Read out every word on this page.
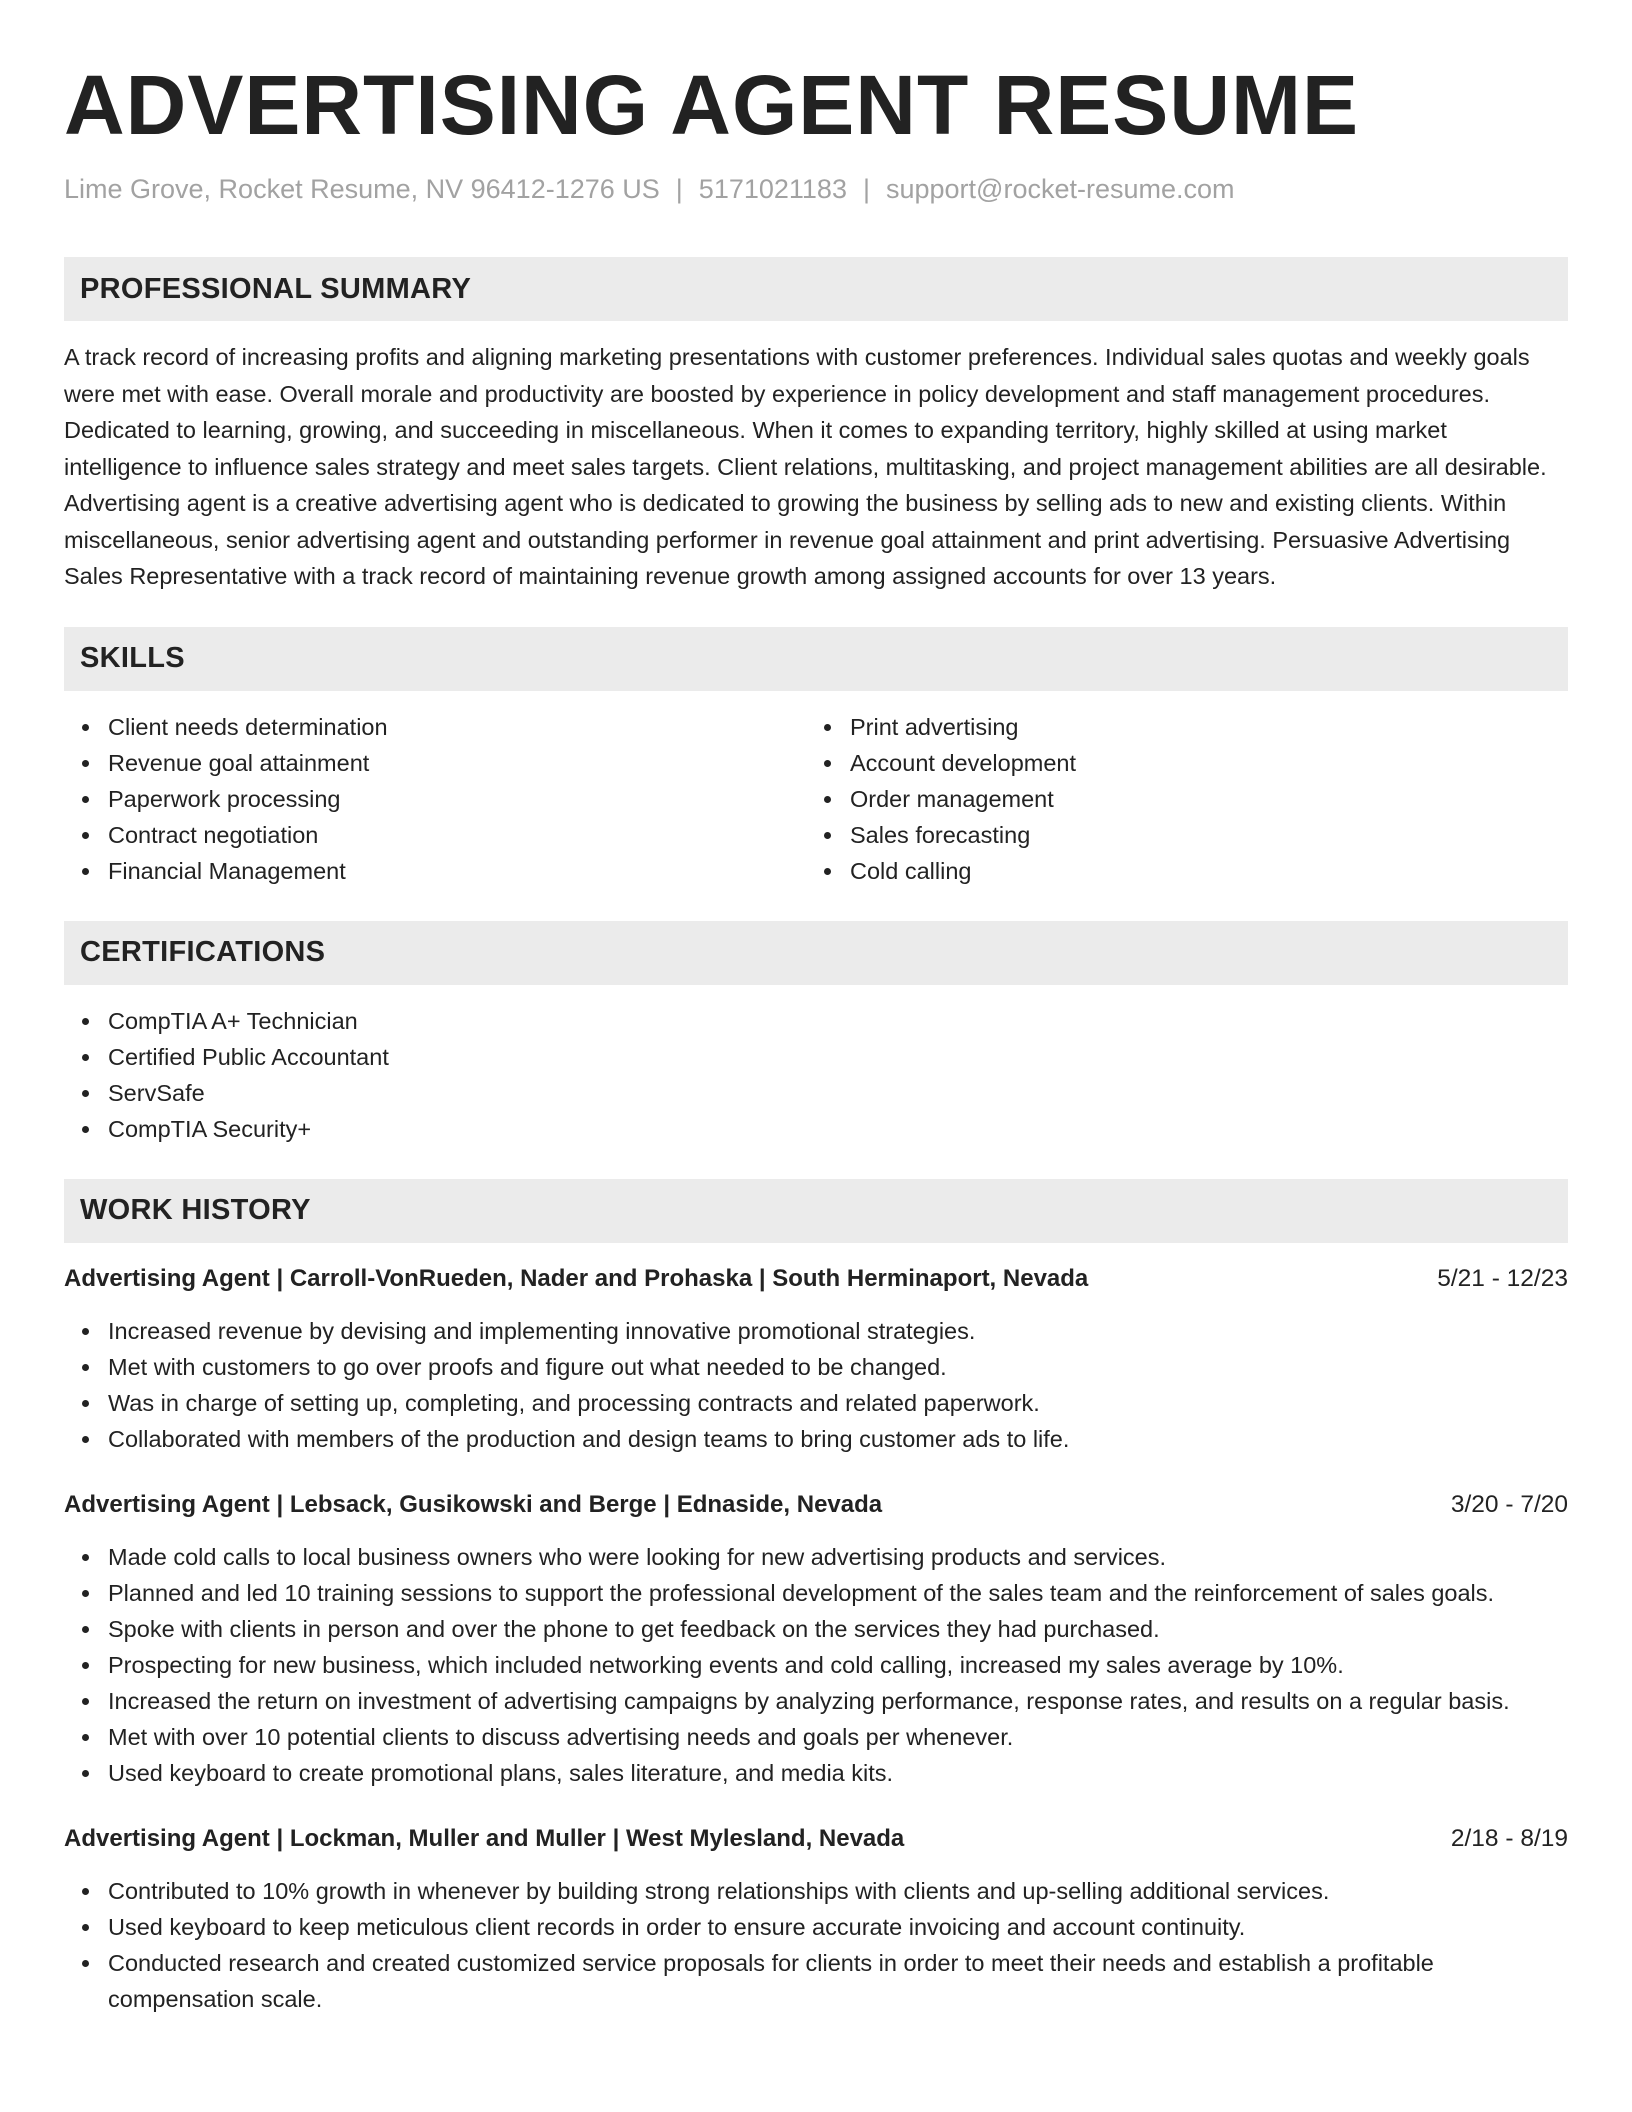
ADVERTISING AGENT RESUME
Lime Grove, Rocket Resume, NV 96412-1276 US | 5171021183 | support@rocket-resume.com
PROFESSIONAL SUMMARY

A track record of increasing profits and aligning marketing presentations with customer preferences. Individual sales quotas and weekly goals were met with ease. Overall morale and productivity are boosted by experience in policy development and staff management procedures. Dedicated to learning, growing, and succeeding in miscellaneous. When it comes to expanding territory, highly skilled at using market intelligence to influence sales strategy and meet sales targets. Client relations, multitasking, and project management abilities are all desirable. Advertising agent is a creative advertising agent who is dedicated to growing the business by selling ads to new and existing clients. Within miscellaneous, senior advertising agent and outstanding performer in revenue goal attainment and print advertising. Persuasive Advertising Sales Representative with a track record of maintaining revenue growth among assigned accounts for over 13 years.

SKILLS
Client needs determination
Revenue goal attainment
Paperwork processing
Contract negotiation
Financial Management
Print advertising
Account development
Order management
Sales forecasting
Cold calling
CERTIFICATIONS
CompTIA A+ Technician
Certified Public Accountant
ServSafe
CompTIA Security+
WORK HISTORY
Advertising Agent | Carroll-VonRueden, Nader and Prohaska | South Herminaport, Nevada	5/21 - 12/23
Increased revenue by devising and implementing innovative promotional strategies.
Met with customers to go over proofs and figure out what needed to be changed.
Was in charge of setting up, completing, and processing contracts and related paperwork.
Collaborated with members of the production and design teams to bring customer ads to life.
Advertising Agent | Lebsack, Gusikowski and Berge | Ednaside, Nevada	3/20 - 7/20
Made cold calls to local business owners who were looking for new advertising products and services.
Planned and led 10 training sessions to support the professional development of the sales team and the reinforcement of sales goals.
Spoke with clients in person and over the phone to get feedback on the services they had purchased.
Prospecting for new business, which included networking events and cold calling, increased my sales average by 10%.
Increased the return on investment of advertising campaigns by analyzing performance, response rates, and results on a regular basis.
Met with over 10 potential clients to discuss advertising needs and goals per whenever.
Used keyboard to create promotional plans, sales literature, and media kits.
Advertising Agent | Lockman, Muller and Muller | West Mylesland, Nevada	2/18 - 8/19
Contributed to 10% growth in whenever by building strong relationships with clients and up-selling additional services.
Used keyboard to keep meticulous client records in order to ensure accurate invoicing and account continuity.
Conducted research and created customized service proposals for clients in order to meet their needs and establish a profitable compensation scale.
